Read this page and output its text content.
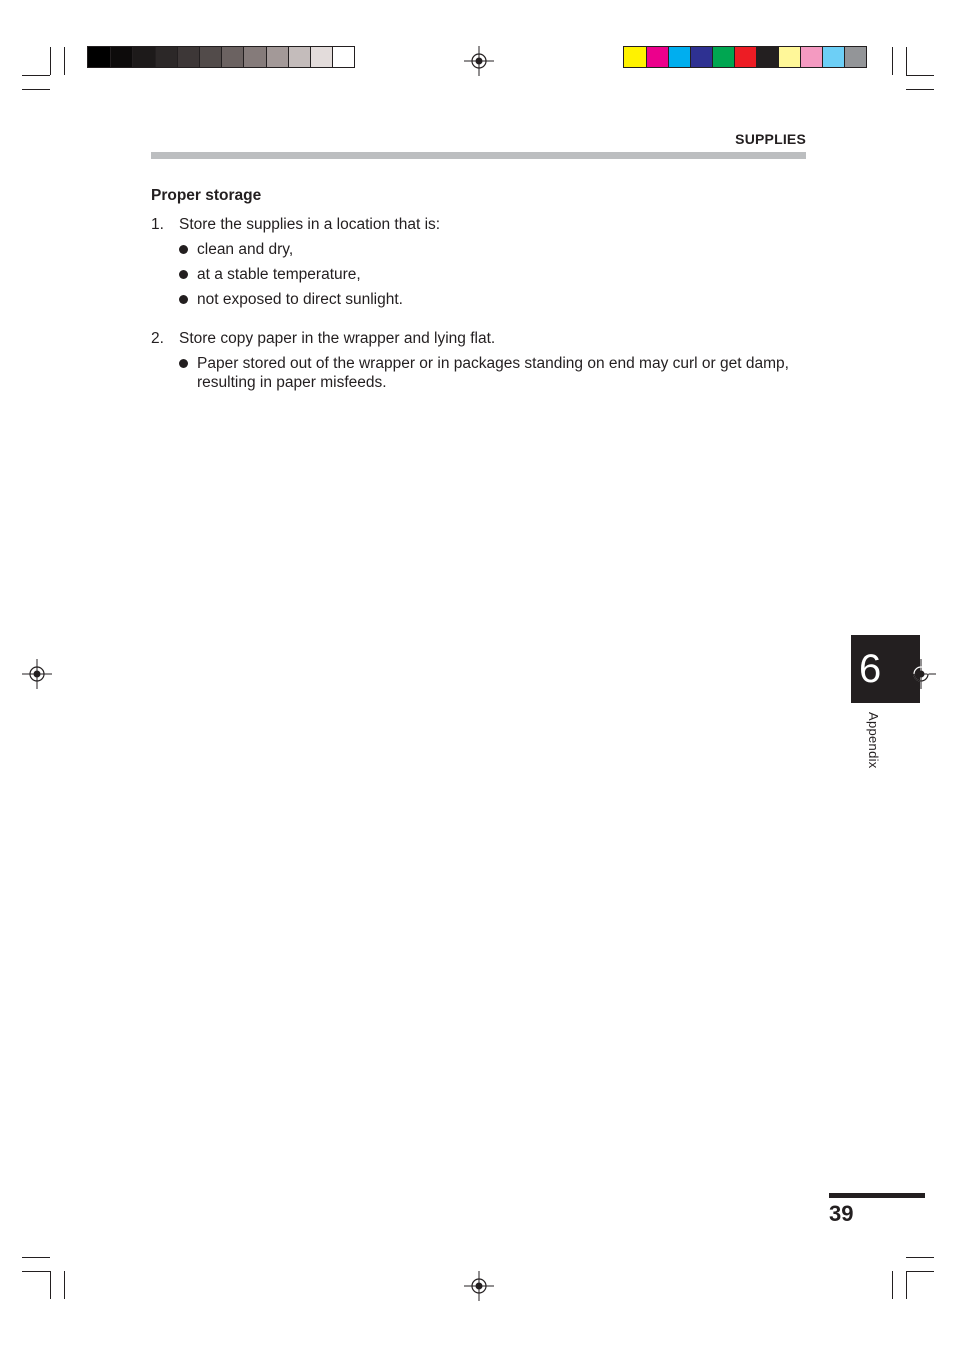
SUPPLIES
Proper storage
1. Store the supplies in a location that is:
clean and dry,
at a stable temperature,
not exposed to direct sunlight.
2. Store copy paper in the wrapper and lying flat.
Paper stored out of the wrapper or in packages standing on end may curl or get damp,
resulting in paper misfeeds.
6
Appendix
39
